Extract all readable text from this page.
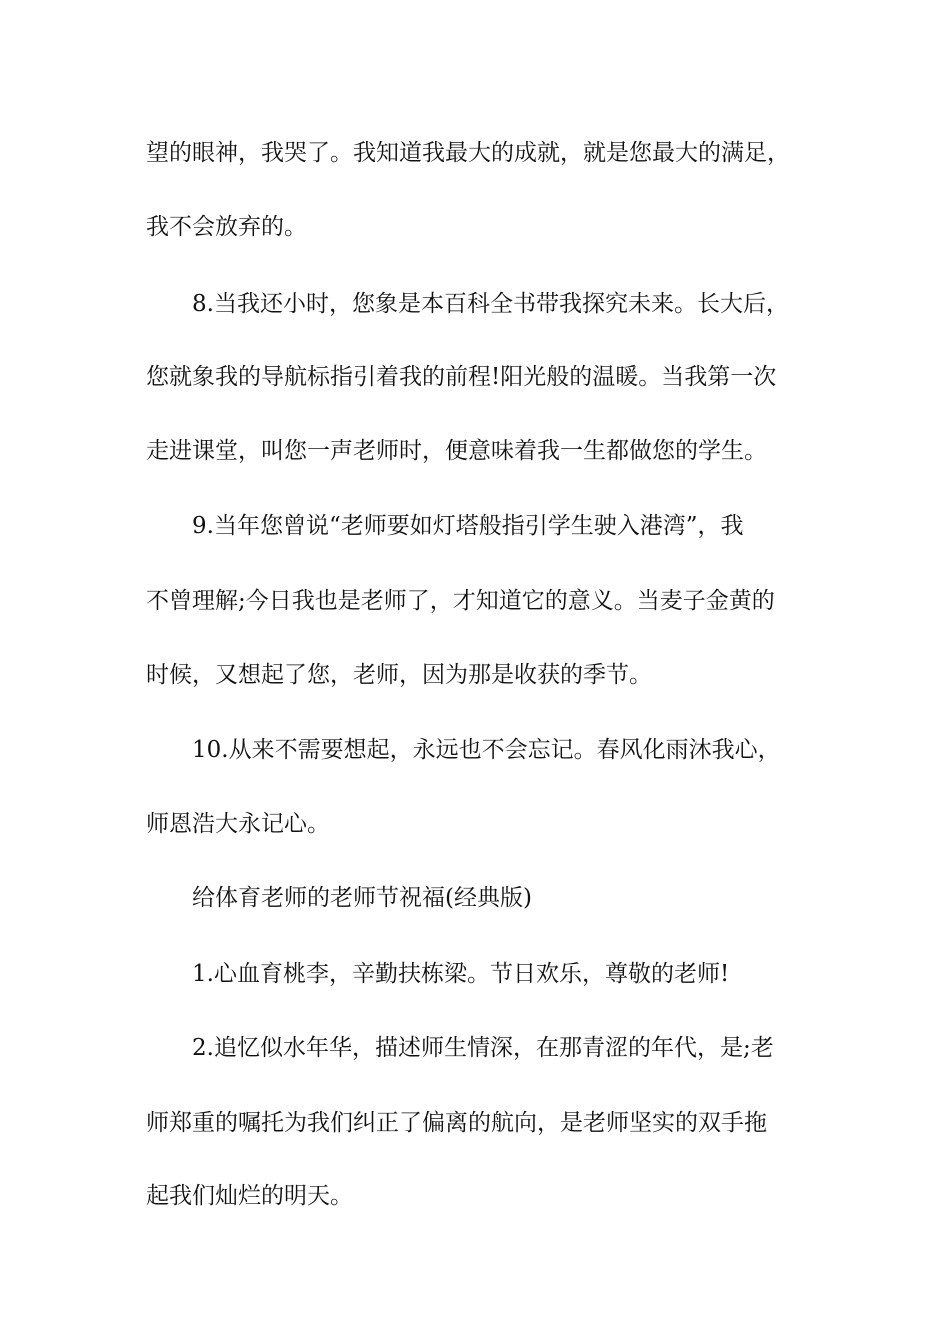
望的眼神，我哭了。我知道我最大的成就，就是您最大的满足，
我不会放弃的。
8.当我还小时，您象是本百科全书带我探究未来。长大后，
您就象我的导航标指引着我的前程!阳光般的温暖。当我第一次
走进课堂，叫您一声老师时，便意味着我一生都做您的学生。
9.当年您曾说“老师要如灯塔般指引学生驶入港湾”，我
不曾理解;今日我也是老师了，才知道它的意义。当麦子金黄的
时候，又想起了您，老师，因为那是收获的季节。
10.从来不需要想起，永远也不会忘记。春风化雨沐我心，
师恩浩大永记心。
给体育老师的老师节祝福(经典版)
1.心血育桃李，辛勤扶栋梁。节日欢乐，尊敬的老师!
2.追忆似水年华，描述师生情深，在那青涩的年代，是;老
师郑重的嘱托为我们纠正了偏离的航向，是老师坚实的双手拖
起我们灿烂的明天。
